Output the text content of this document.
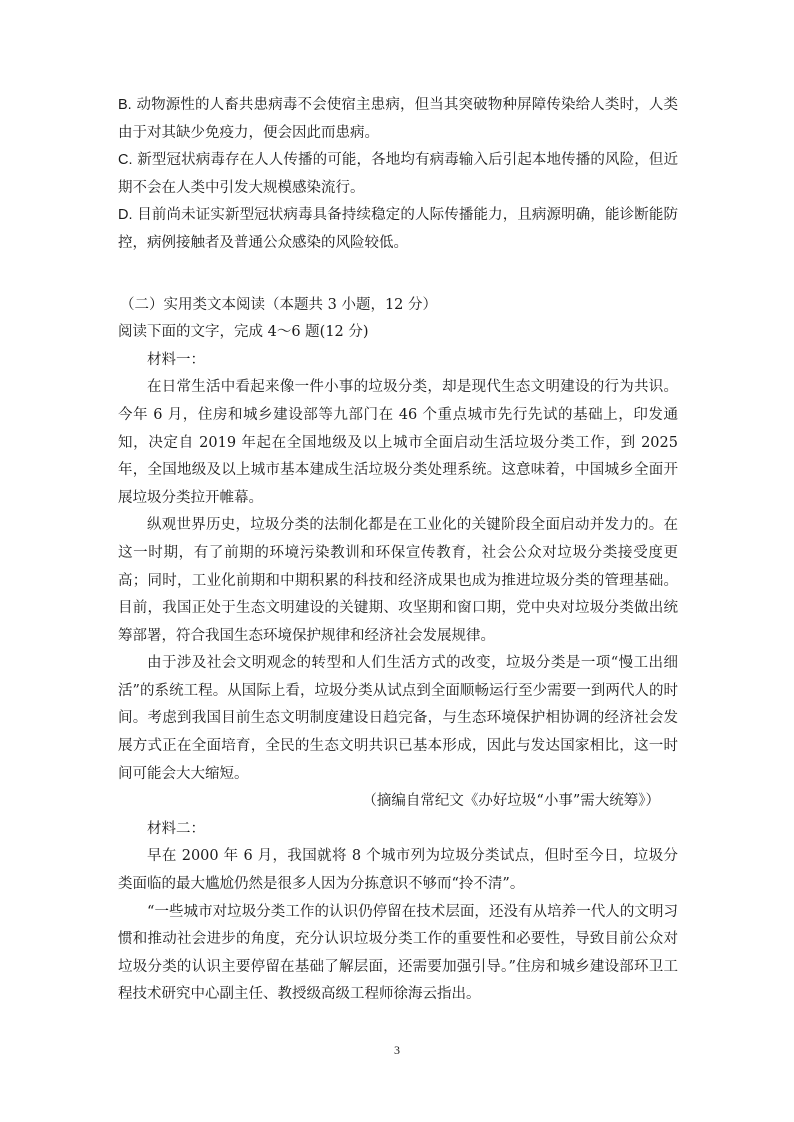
B. 动物源性的人畜共患病毒不会使宿主患病，但当其突破物种屏障传染给人类时，人类由于对其缺少免疫力，便会因此而患病。

C. 新型冠状病毒存在人人传播的可能，各地均有病毒输入后引起本地传播的风险，但近期不会在人类中引发大规模感染流行。

D. 目前尚未证实新型冠状病毒具备持续稳定的人际传播能力，且病源明确，能诊断能防控，病例接触者及普通公众感染的风险较低。

（二）实用类文本阅读（本题共 3 小题，12 分）

阅读下面的文字，完成 4～6 题(12 分)

材料一：

在日常生活中看起来像一件小事的垃圾分类，却是现代生态文明建设的行为共识。今年 6 月，住房和城乡建设部等九部门在 46 个重点城市先行先试的基础上，印发通知，决定自 2019 年起在全国地级及以上城市全面启动生活垃圾分类工作，到 2025 年，全国地级及以上城市基本建成生活垃圾分类处理系统。这意味着，中国城乡全面开展垃圾分类拉开帷幕。

纵观世界历史，垃圾分类的法制化都是在工业化的关键阶段全面启动并发力的。在这一时期，有了前期的环境污染教训和环保宣传教育，社会公众对垃圾分类接受度更高；同时，工业化前期和中期积累的科技和经济成果也成为推进垃圾分类的管理基础。目前，我国正处于生态文明建设的关键期、攻坚期和窗口期，党中央对垃圾分类做出统筹部署，符合我国生态环境保护规律和经济社会发展规律。

由于涉及社会文明观念的转型和人们生活方式的改变，垃圾分类是一项“慢工出细活”的系统工程。从国际上看，垃圾分类从试点到全面顺畅运行至少需要一到两代人的时间。考虑到我国目前生态文明制度建设日趋完备，与生态环境保护相协调的经济社会发展方式正在全面培育，全民的生态文明共识已基本形成，因此与发达国家相比，这一时间可能会大大缩短。

（摘编自常纪文《办好垃圾“小事”需大统筹》）

材料二：

早在 2000 年 6 月，我国就将 8 个城市列为垃圾分类试点，但时至今日，垃圾分类面临的最大尴尬仍然是很多人因为分拣意识不够而“拎不清”。

“一些城市对垃圾分类工作的认识仍停留在技术层面，还没有从培养一代人的文明习惯和推动社会进步的角度，充分认识垃圾分类工作的重要性和必要性，导致目前公众对垃圾分类的认识主要停留在基础了解层面，还需要加强引导。”住房和城乡建设部环卫工程技术研究中心副主任、教授级高级工程师徐海云指出。

3
